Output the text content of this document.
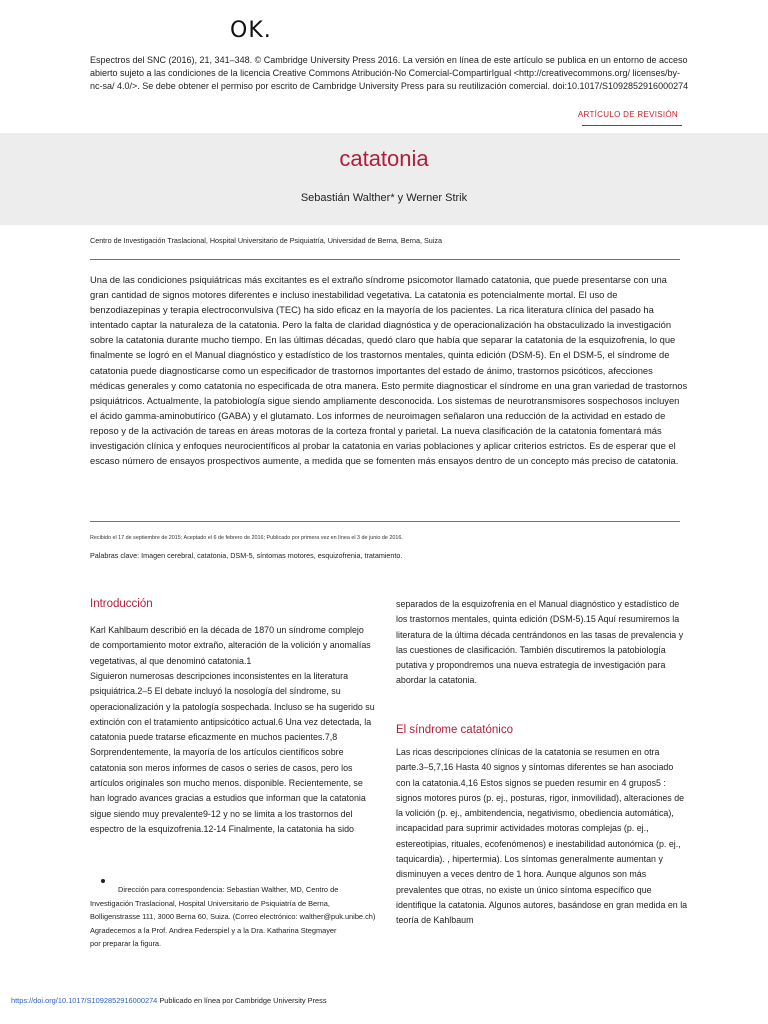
OK.
Espectros del SNC (2016), 21, 341–348. © Cambridge University Press 2016. La versión en línea de este artículo se publica en un entorno de acceso abierto sujeto a las condiciones de la licencia Creative Commons Atribución-No Comercial-CompartirIgual <http://creativecommons.org/ licenses/by-nc-sa/ 4.0/>. Se debe obtener el permiso por escrito de Cambridge University Press para su reutilización comercial. doi:10.1017/S1092852916000274
ARTÍCULO DE REVISIÓN
catatonia
Sebastián Walther* y Werner Strik
Centro de Investigación Traslacional, Hospital Universitario de Psiquiatría, Universidad de Berna, Berna, Suiza
Una de las condiciones psiquiátricas más excitantes es el extraño síndrome psicomotor llamado catatonia, que puede presentarse con una gran cantidad de signos motores diferentes e incluso inestabilidad vegetativa. La catatonia es potencialmente mortal. El uso de benzodiazepinas y terapia electroconvulsiva (TEC) ha sido eficaz en la mayoría de los pacientes. La rica literatura clínica del pasado ha intentado captar la naturaleza de la catatonia. Pero la falta de claridad diagnóstica y de operacionalización ha obstaculizado la investigación sobre la catatonia durante mucho tiempo. En las últimas décadas, quedó claro que había que separar la catatonia de la esquizofrenia, lo que finalmente se logró en el Manual diagnóstico y estadístico de los trastornos mentales, quinta edición (DSM-5). En el DSM-5, el síndrome de catatonia puede diagnosticarse como un especificador de trastornos importantes del estado de ánimo, trastornos psicóticos, afecciones médicas generales y como catatonia no especificada de otra manera. Esto permite diagnosticar el síndrome en una gran variedad de trastornos psiquiátricos. Actualmente, la patobiología sigue siendo ampliamente desconocida. Los sistemas de neurotransmisores sospechosos incluyen el ácido gamma-aminobutírico (GABA) y el glutamato. Los informes de neuroimagen señalaron una reducción de la actividad en estado de reposo y de la activación de tareas en áreas motoras de la corteza frontal y parietal. La nueva clasificación de la catatonia fomentará más investigación clínica y enfoques neurocientíficos al probar la catatonia en varias poblaciones y aplicar criterios estrictos. Es de esperar que el escaso número de ensayos prospectivos aumente, a medida que se fomenten más ensayos dentro de un concepto más preciso de catatonia.
Recibido el 17 de septiembre de 2015; Aceptado el 6 de febrero de 2016; Publicado por primera vez en línea el 3 de junio de 2016.
Palabras clave: Imagen cerebral, catatonia, DSM-5, síntomas motores, esquizofrenia, tratamiento.
Introducción
Karl Kahlbaum describió en la década de 1870 un síndrome complejo de comportamiento motor extraño, alteración de la volición y anomalías vegetativas, al que denominó catatonia.1
Siguieron numerosas descripciones inconsistentes en la literatura psiquiátrica.2–5 El debate incluyó la nosología del síndrome, su operacionalización y la patología sospechada. Incluso se ha sugerido su extinción con el tratamiento antipsicótico actual.6 Una vez detectada, la catatonia puede tratarse eficazmente en muchos pacientes.7,8 Sorprendentemente, la mayoría de los artículos científicos sobre catatonia son meros informes de casos o series de casos, pero los artículos originales son mucho menos. disponible. Recientemente, se han logrado avances gracias a estudios que informan que la catatonia sigue siendo muy prevalente9-12 y no se limita a los trastornos del espectro de la esquizofrenia.12-14 Finalmente, la catatonia ha sido
separados de la esquizofrenia en el Manual diagnóstico y estadístico de los trastornos mentales, quinta edición (DSM-5).15 Aquí resumiremos la literatura de la última década centrándonos en las tasas de prevalencia y las cuestiones de clasificación. También discutiremos la patobiología putativa y propondremos una nueva estrategia de investigación para abordar la catatonia.
El síndrome catatónico
Las ricas descripciones clínicas de la catatonia se resumen en otra parte.3–5,7,16 Hasta 40 signos y síntomas diferentes se han asociado con la catatonia.4,16 Estos signos se pueden resumir en 4 grupos5 : signos motores puros (p. ej., posturas, rigor, inmovilidad), alteraciones de la volición (p. ej., ambitendencia, negativismo, obediencia automática), incapacidad para suprimir actividades motoras complejas (p. ej., estereotipias, rituales, ecofenómenos) e inestabilidad autonómica (p. ej., taquicardia). , hipertermia). Los síntomas generalmente aumentan y disminuyen a veces dentro de 1 hora. Aunque algunos son más prevalentes que otras, no existe un único síntoma específico que identifique la catatonia. Algunos autores, basándose en gran medida en la teoría de Kahlbaum
Dirección para correspondencia: Sebastian Walther, MD, Centro de
Investigación Traslacional, Hospital Universitario de Psiquiatría de Berna,
Bolligenstrasse 111, 3000 Berna 60, Suiza. (Correo electrónico: walther@puk.unibe.ch)
Agradecemos a la Prof. Andrea Federspiel y a la Dra. Katharina Stegmayer
por preparar la figura.
https://doi.org/10.1017/S1092852916000274 Publicado en línea por Cambridge University Press
